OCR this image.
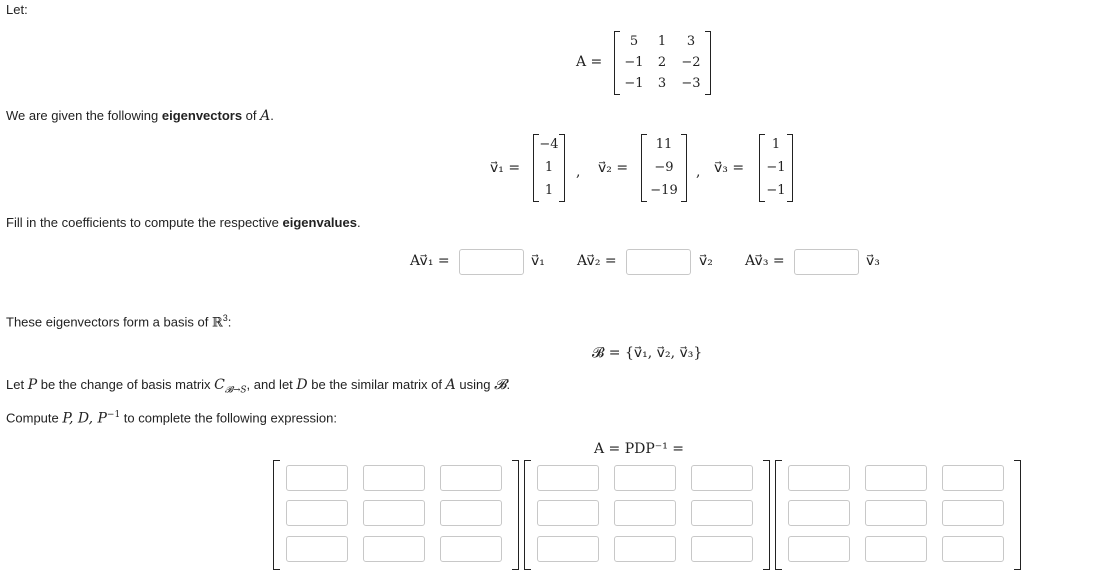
Let:
A =
5	1	3
−1	2	−2
−1	3	−3
We are given the following eigenvectors of A.
v⃗₁ =
−4
1
1
, v⃗₂ =
11
−9
−19
, v⃗₃ =
1
−1
−1
Fill in the coefficients to compute the respective eigenvalues.
Av⃗₁ =	v⃗₁ Av⃗₂ =	v⃗₂ Av⃗₃ =	v⃗₃
These eigenvectors form a basis of ℝ$^3$:
𝓑 = {v⃗₁, v⃗₂, v⃗₃}
Let P be the change of basis matrix $C_{𝓑\to S}$, and let D be the similar matrix of A using 𝓑.
Compute P, D, $P^{-1}$ to complete the following expression:
A = PDP⁻¹ =
